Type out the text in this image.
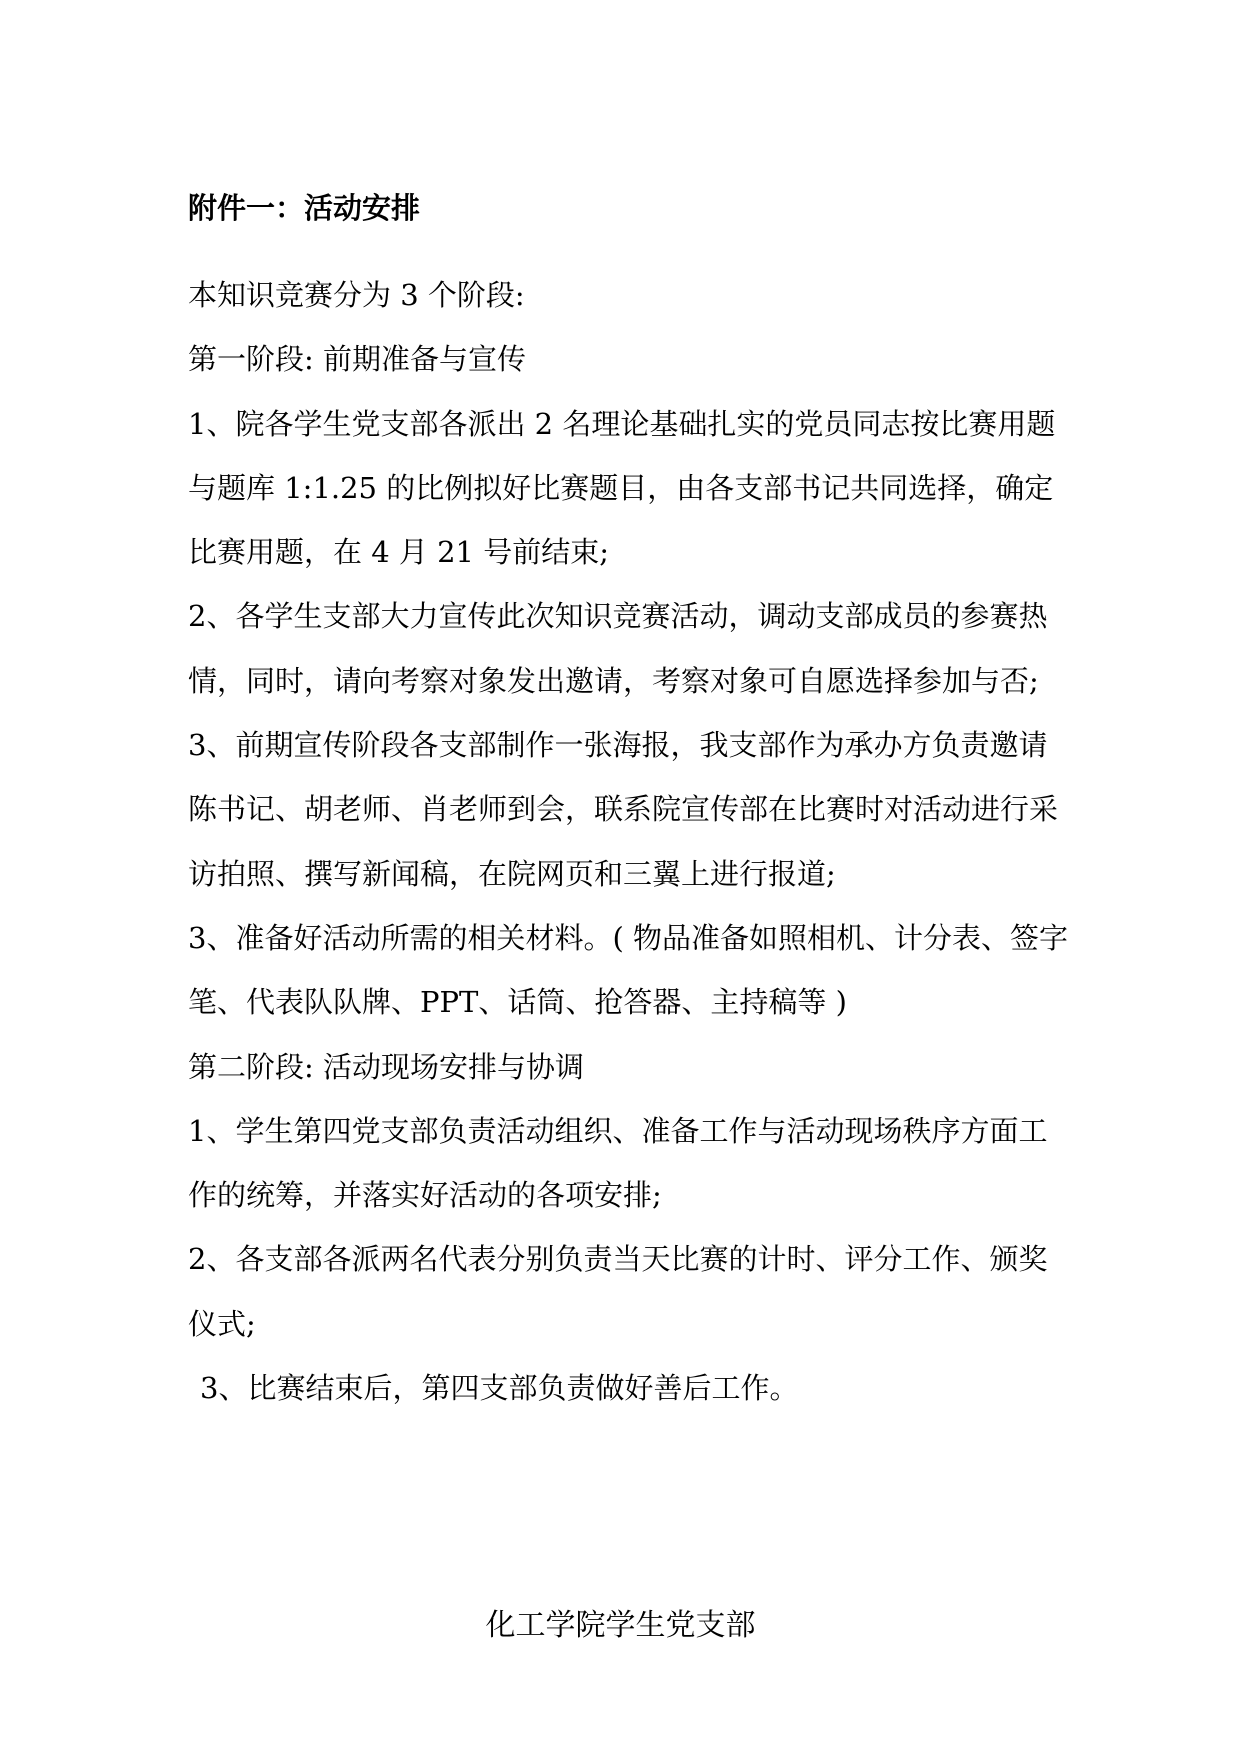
附件一：活动安排
本知识竞赛分为 3 个阶段:
第一阶段: 前期准备与宣传
1、院各学生党支部各派出 2 名理论基础扎实的党员同志按比赛用题
与题库 1:1.25 的比例拟好比赛题目，由各支部书记共同选择，确定
比赛用题，在 4 月 21 号前结束;
2、各学生支部大力宣传此次知识竞赛活动，调动支部成员的参赛热
情，同时，请向考察对象发出邀请，考察对象可自愿选择参加与否;
3、前期宣传阶段各支部制作一张海报，我支部作为承办方负责邀请
陈书记、胡老师、肖老师到会，联系院宣传部在比赛时对活动进行采
访拍照、撰写新闻稿，在院网页和三翼上进行报道;
3、准备好活动所需的相关材料。( 物品准备如照相机、计分表、签字
笔、代表队队牌、PPT、话筒、抢答器、主持稿等 )
第二阶段: 活动现场安排与协调
1、学生第四党支部负责活动组织、准备工作与活动现场秩序方面工
作的统筹，并落实好活动的各项安排;
2、各支部各派两名代表分别负责当天比赛的计时、评分工作、颁奖
仪式;
3、比赛结束后，第四支部负责做好善后工作。
化工学院学生党支部
